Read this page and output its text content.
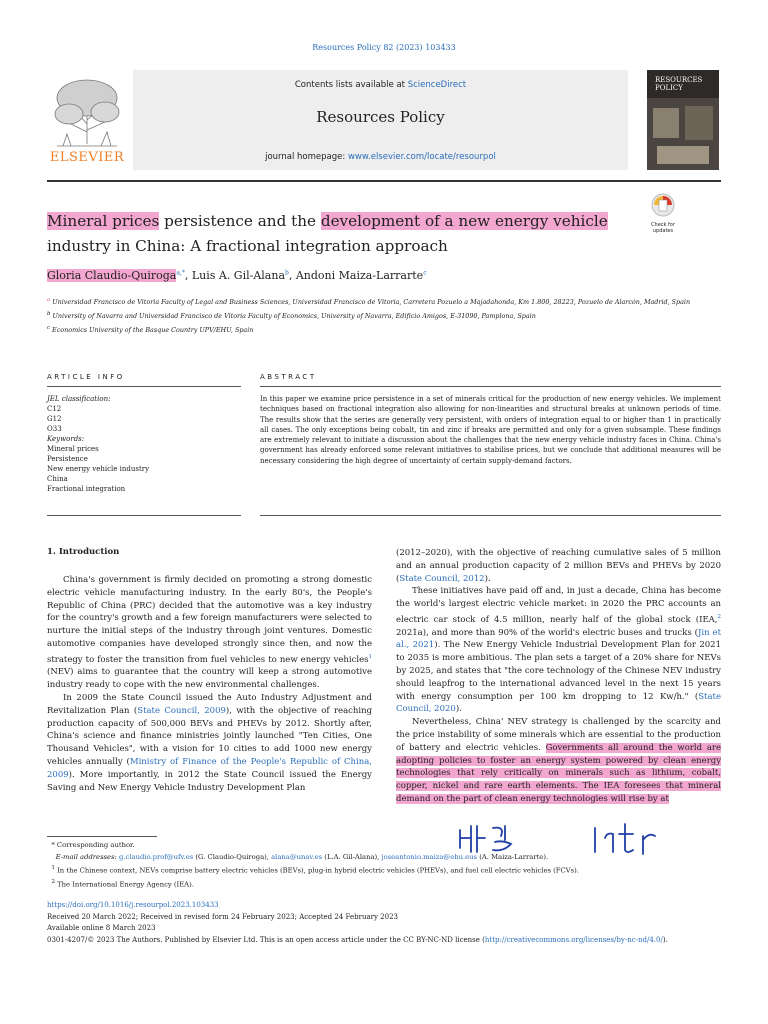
Resources Policy 82 (2023) 103433
Contents lists available at ScienceDirect
Resources Policy
journal homepage: www.elsevier.com/locate/resourpol
ELSEVIER
RESOURCES POLICY
Mineral prices persistence and the development of a new energy vehicle industry in China: A fractional integration approach
Check for updates
Gloria Claudio-Quiroga$^{a,*}$, Luis A. Gil-Alana$^b$, Andoni Maiza-Larrarte$^c$
$^a$ Universidad Francisco de Vitoria Faculty of Legal and Business Sciences, Universidad Francisco de Vitoria, Carretera Pozuelo a Majadahonda, Km 1.800, 28223, Pozuelo de Alarcón, Madrid, Spain
$^b$ University of Navarra and Universidad Francisco de Vitoria Faculty of Economics, University of Navarra, Edificio Amigos, E-31090, Pamplona, Spain
$^c$ Economics University of the Basque Country UPV/EHU, Spain
ARTICLE INFO	ABSTRACT
JEL classification:
C12
G12
O33
Keywords:
Mineral prices
Persistence
New energy vehicle industry
China
Fractional integration
In this paper we examine price persistence in a set of minerals critical for the production of new energy vehicles. We implement techniques based on fractional integration also allowing for non-linearities and structural breaks at unknown periods of time. The results show that the series are generally very persistent, with orders of integration equal to or higher than 1 in practically all cases. The only exceptions being cobalt, tin and zinc if breaks are permitted and only for a given subsample. These findings are extremely relevant to initiate a discussion about the challenges that the new energy vehicle industry faces in China. China's government has already enforced some relevant initiatives to stabilise prices, but we conclude that additional measures will be necessary considering the high degree of uncertainty of certain supply-demand factors.
1. Introduction

China's government is firmly decided on promoting a strong domestic electric vehicle manufacturing industry. In the early 80's, the People's Republic of China (PRC) decided that the automotive was a key industry for the country's growth and a few foreign manufacturers were selected to nurture the initial steps of the industry through joint ventures. Domestic automotive companies have developed strongly since then, and now the strategy to foster the transition from fuel vehicles to new energy vehicles$^1$ (NEV) aims to guarantee that the country will keep a strong automotive industry ready to cope with the new environmental challenges.

In 2009 the State Council issued the Auto Industry Adjustment and Revitalization Plan (State Council, 2009), with the objective of reaching production capacity of 500,000 BEVs and PHEVs by 2012. Shortly after, China's science and finance ministries jointly launched "Ten Cities, One Thousand Vehicles", with a vision for 10 cities to add 1000 new energy vehicles annually (Ministry of Finance of the People's Republic of China, 2009). More importantly, in 2012 the State Council issued the Energy Saving and New Energy Vehicle Industry Development Plan

(2012–2020), with the objective of reaching cumulative sales of 5 million and an annual production capacity of 2 million BEVs and PHEVs by 2020 (State Council, 2012).

These initiatives have paid off and, in just a decade, China has become the world's largest electric vehicle market: in 2020 the PRC accounts an electric car stock of 4.5 million, nearly half of the global stock (IEA,$^2$ 2021a), and more than 90% of the world's electric buses and trucks (Jin et al., 2021). The New Energy Vehicle Industrial Development Plan for 2021 to 2035 is more ambitious. The plan sets a target of a 20% share for NEVs by 2025, and states that "the core technology of the Chinese NEV industry should leapfrog to the international advanced level in the next 15 years with energy consumption per 100 km dropping to 12 Kw/h." (State Council, 2020).

Nevertheless, China' NEV strategy is challenged by the scarcity and the price instability of some minerals which are essential to the production of battery and electric vehicles. Governments all around the world are adopting policies to foster an energy system powered by clean energy technologies that rely critically on minerals such as lithium, cobalt, copper, nickel and rare earth elements. The IEA foresees that mineral demand on the part of clean energy technologies will rise by at

* Corresponding author.
E-mail addresses: g.claudio.prof@ufv.es (G. Claudio-Quiroga), alana@unav.es (L.A. Gil-Alana), joseantonio.maiza@ehu.eus (A. Maiza-Larrarte).
$^1$ In the Chinese context, NEVs comprise battery electric vehicles (BEVs), plug-in hybrid electric vehicles (PHEVs), and fuel cell electric vehicles (FCVs).
$^2$ The International Energy Agency (IEA).
https://doi.org/10.1016/j.resourpol.2023.103433
Received 20 March 2022; Received in revised form 24 February 2023; Accepted 24 February 2023
Available online 8 March 2023
0301-4207/© 2023 The Authors. Published by Elsevier Ltd. This is an open access article under the CC BY-NC-ND license (http://creativecommons.org/licenses/by-nc-nd/4.0/).
